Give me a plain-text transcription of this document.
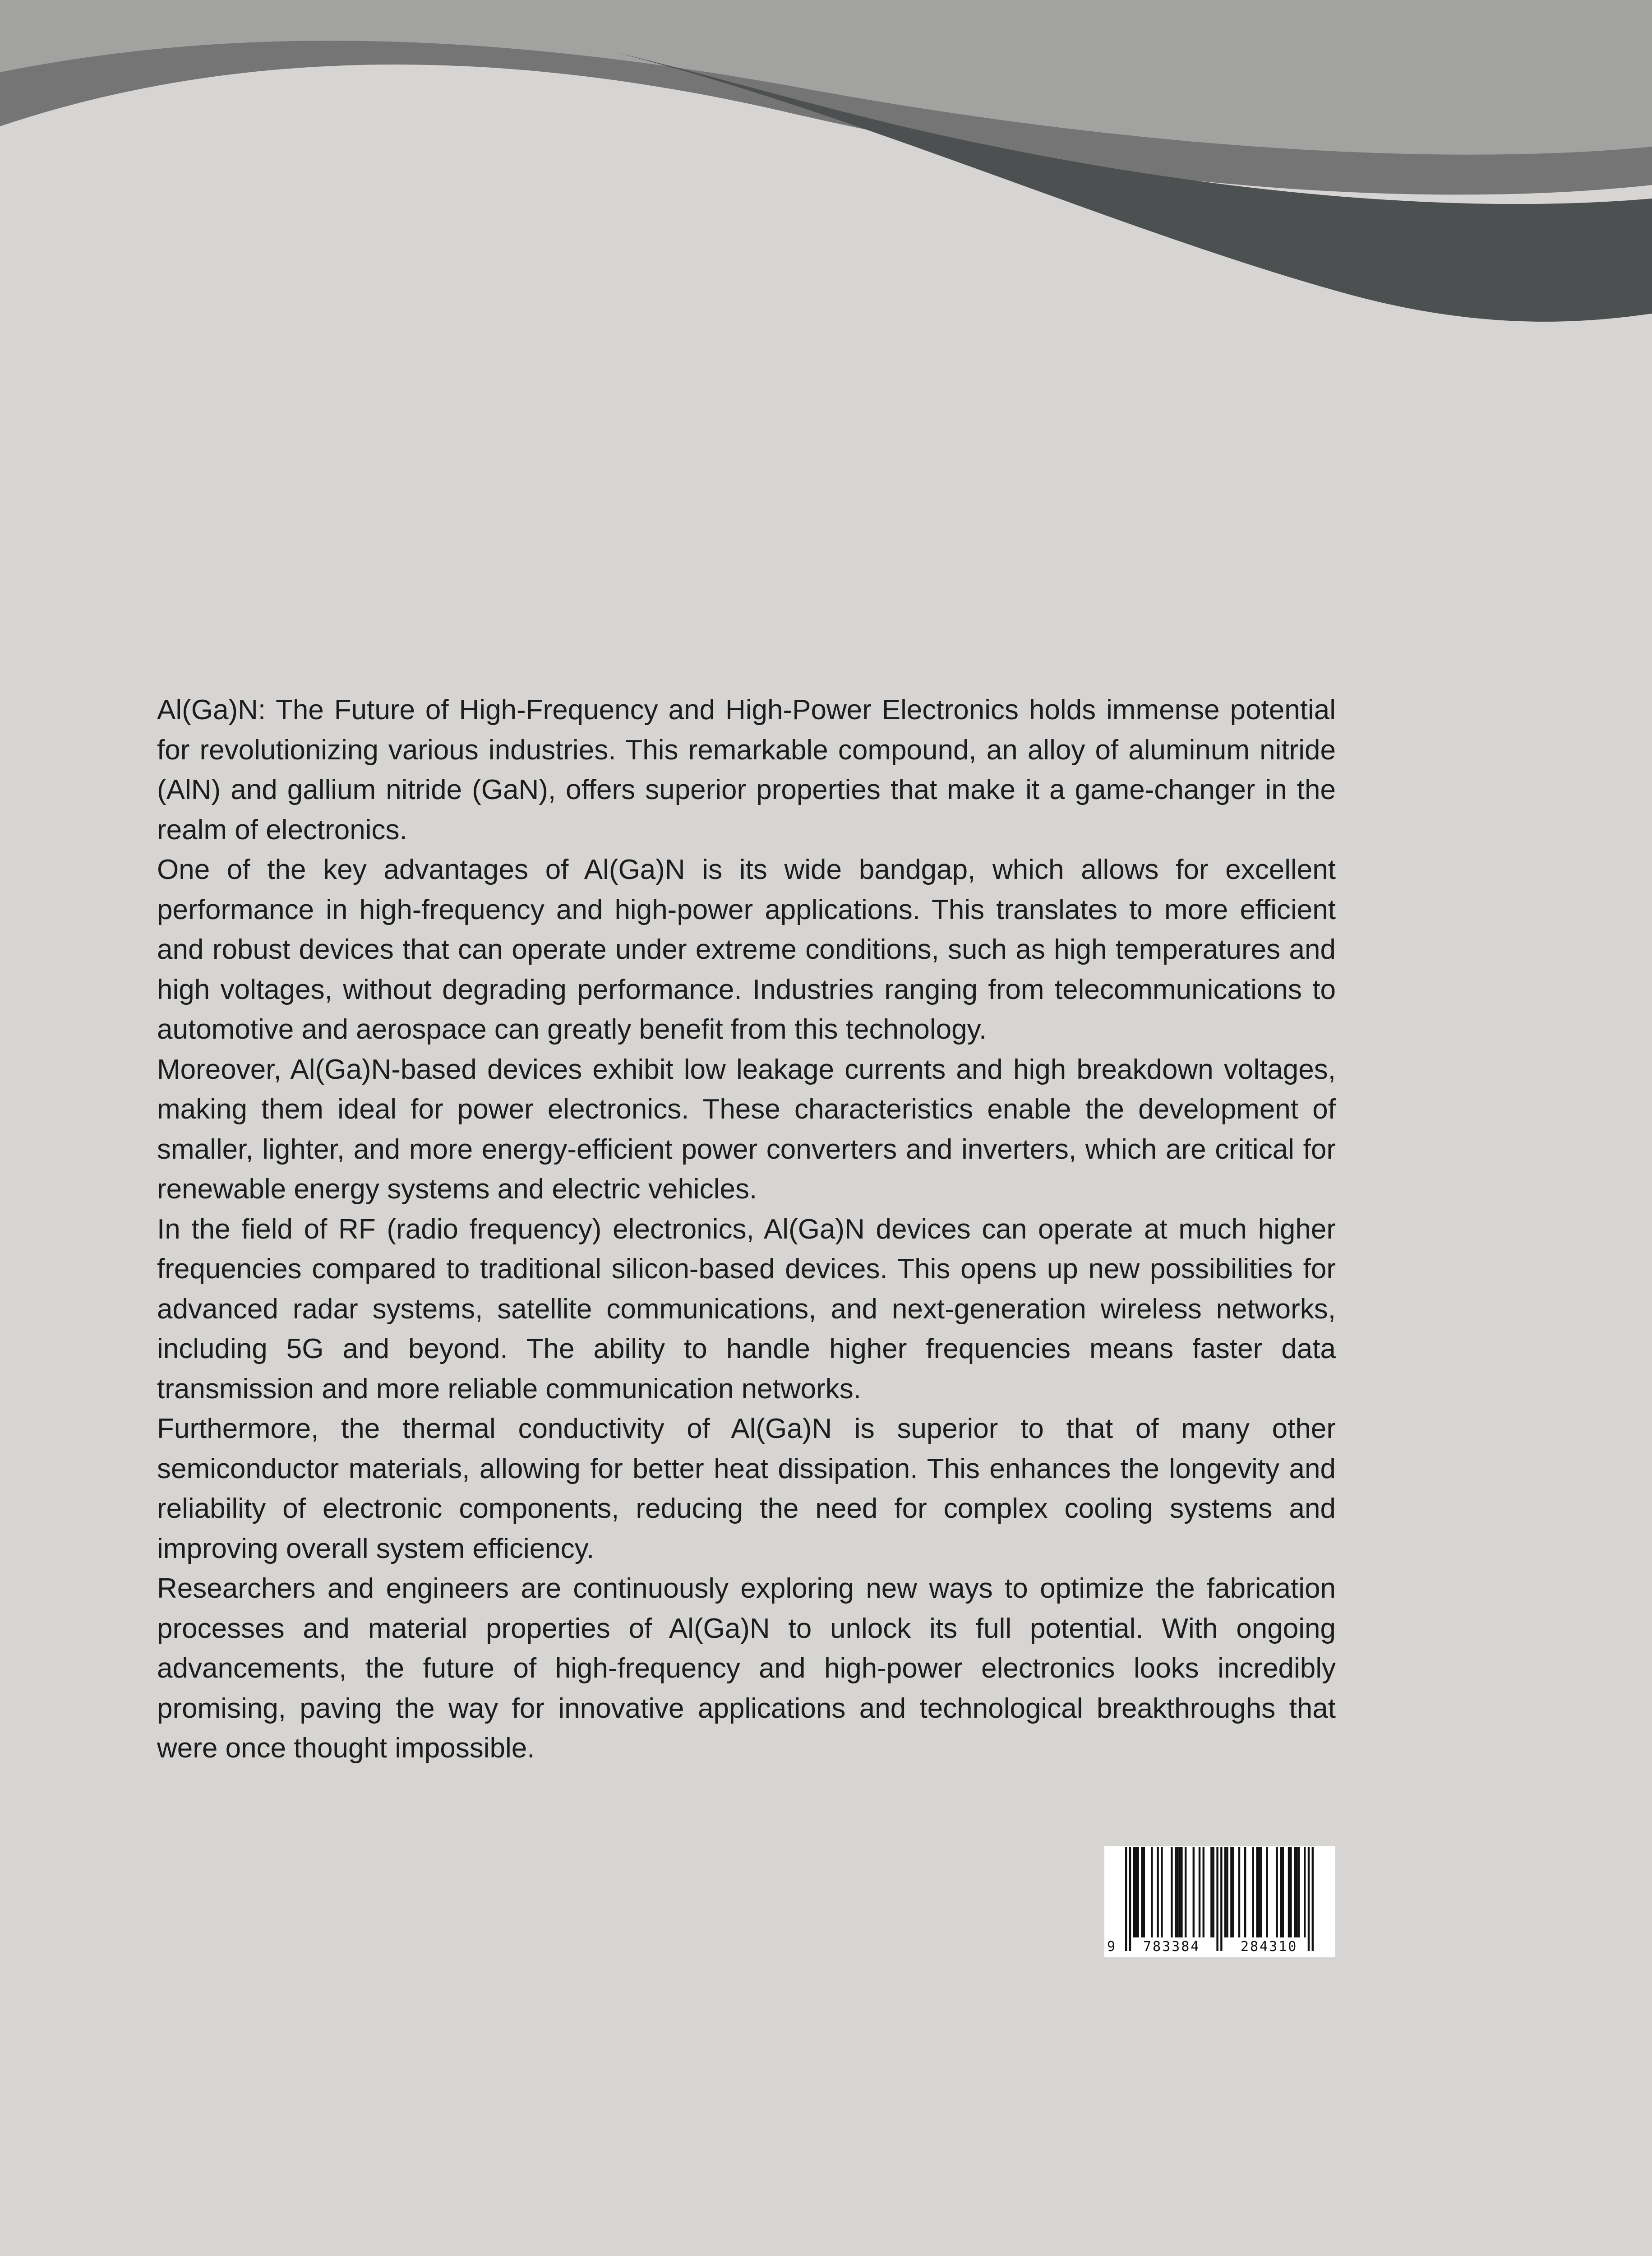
Al(Ga)N: The Future of High-Frequency and High-Power Electronics holds immense potential for revolutionizing various industries. This remarkable compound, an alloy of aluminum nitride (AlN) and gallium nitride (GaN), offers superior properties that make it a game-changer in the realm of electronics.

One of the key advantages of Al(Ga)N is its wide bandgap, which allows for excellent performance in high-frequency and high-power applications. This translates to more efficient and robust devices that can operate under extreme conditions, such as high temperatures and high voltages, without degrading performance. Industries ranging from telecommunications to automotive and aerospace can greatly benefit from this technology.

Moreover, Al(Ga)N-based devices exhibit low leakage currents and high breakdown voltages, making them ideal for power electronics. These characteristics enable the development of smaller, lighter, and more energy-efficient power converters and inverters, which are critical for renewable energy systems and electric vehicles.

In the field of RF (radio frequency) electronics, Al(Ga)N devices can operate at much higher frequencies compared to traditional silicon-based devices. This opens up new possibilities for advanced radar systems, satellite communications, and next-generation wireless networks, including 5G and beyond. The ability to handle higher frequencies means faster data transmission and more reliable communication networks.

Furthermore, the thermal conductivity of Al(Ga)N is superior to that of many other semiconductor materials, allowing for better heat dissipation. This enhances the longevity and reliability of electronic components, reducing the need for complex cooling systems and improving overall system efficiency.

Researchers and engineers are continuously exploring new ways to optimize the fabrication processes and material properties of Al(Ga)N to unlock its full potential. With ongoing advancements, the future of high-frequency and high-power electronics looks incredibly promising, paving the way for innovative applications and technological breakthroughs that were once thought impossible.

9 783384	284310
